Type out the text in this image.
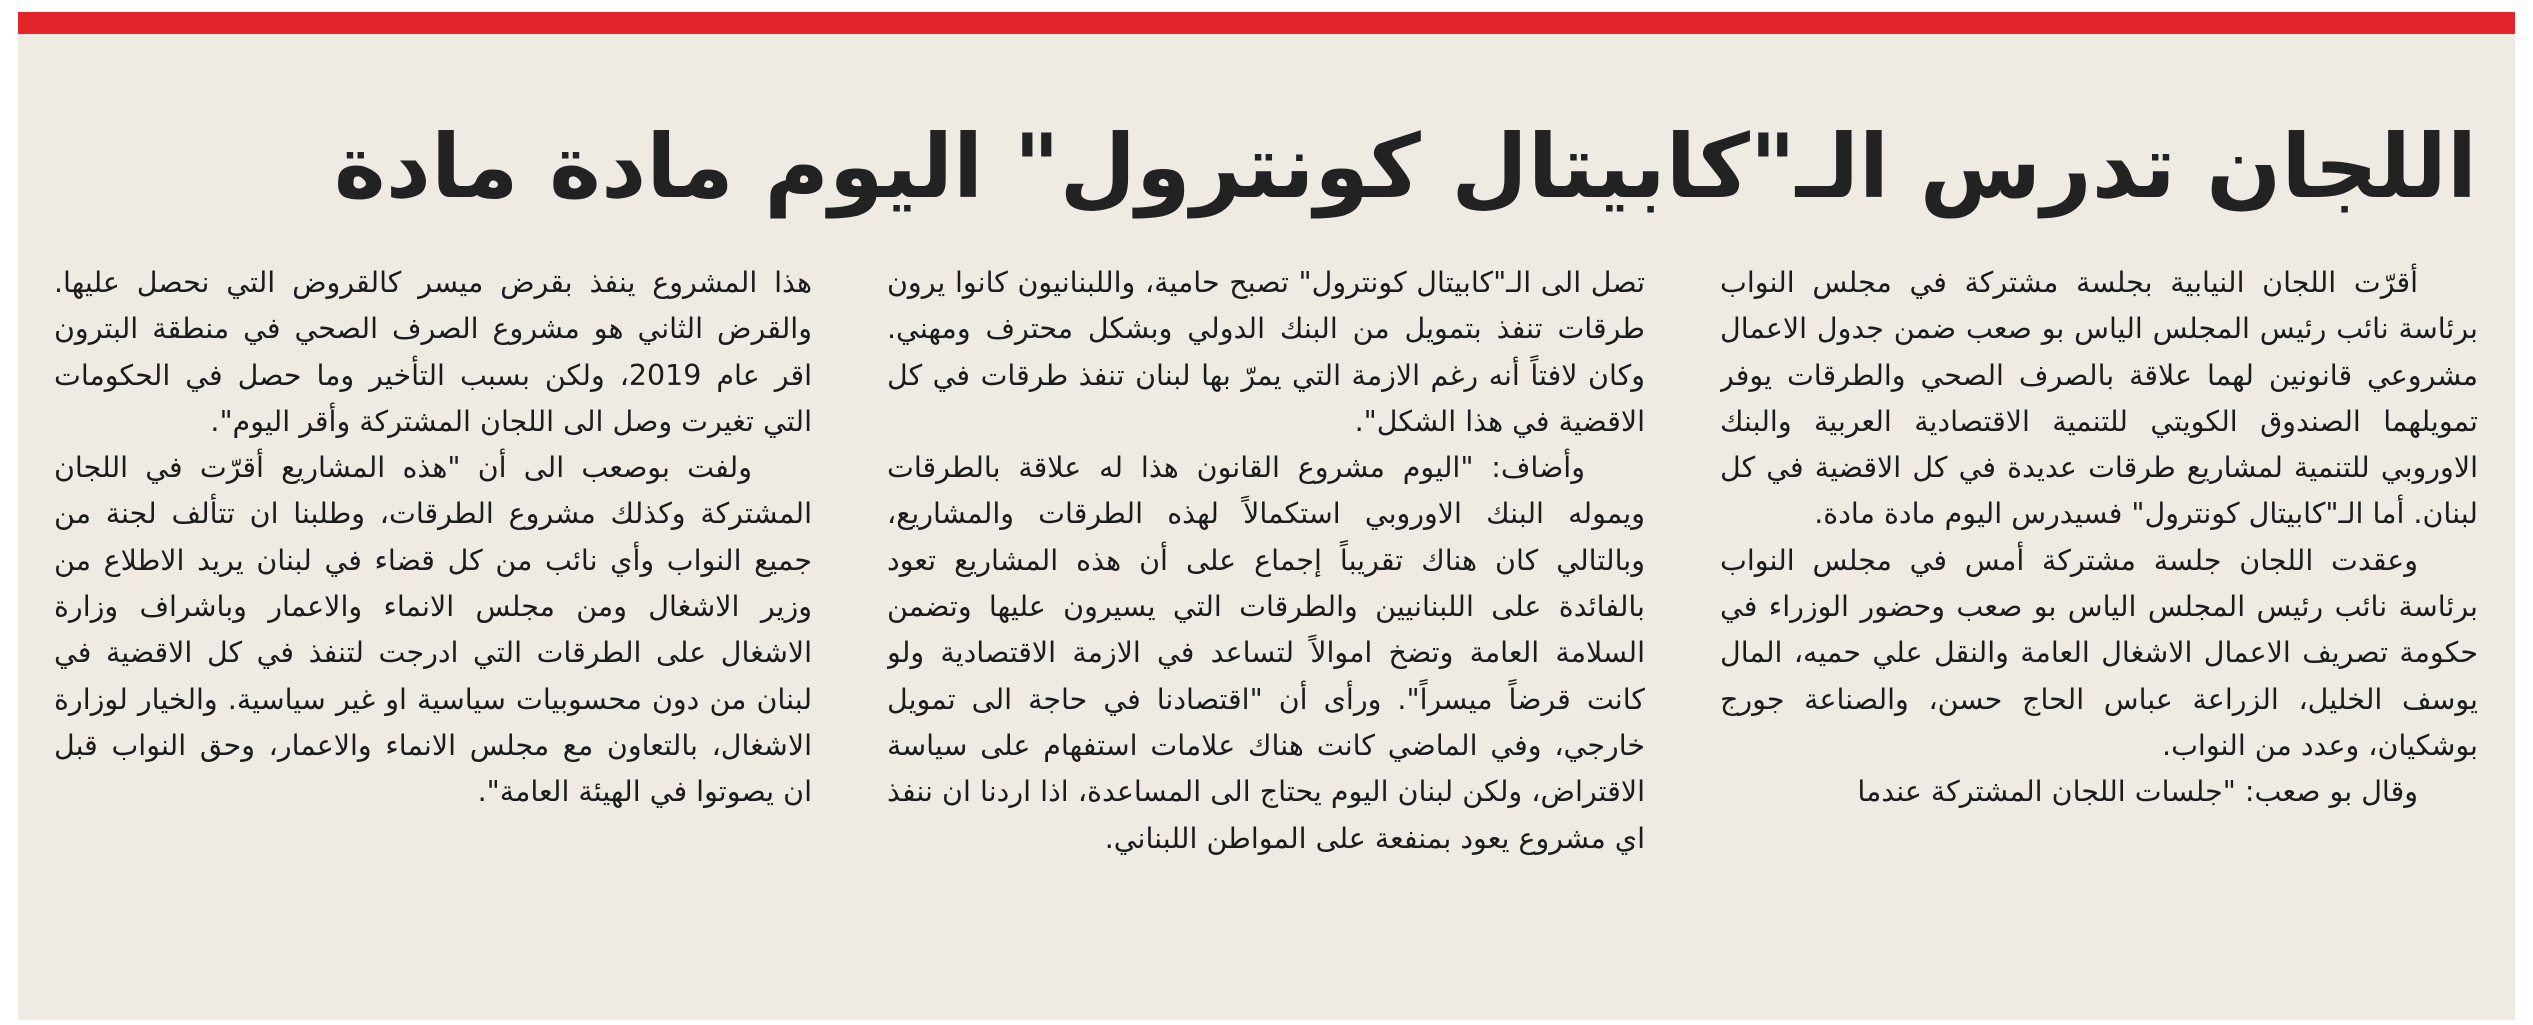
اللجان تدرس الـ"كابيتال كونترول" اليوم مادة مادة

أقرّت اللجان النيابية بجلسة مشتركة في مجلس النواب برئاسة نائب رئيس المجلس الياس بو صعب ضمن جدول الاعمال مشروعي قانونين لهما علاقة بالصرف الصحي والطرقات يوفر تمويلهما الصندوق الكويتي للتنمية الاقتصادية العربية والبنك الاوروبي للتنمية لمشاريع طرقات عديدة في كل الاقضية في كل لبنان. أما الـ"كابيتال كونترول" فسيدرس اليوم مادة مادة.

وعقدت اللجان جلسة مشتركة أمس في مجلس النواب برئاسة نائب رئيس المجلس الياس بو صعب وحضور الوزراء في حكومة تصريف الاعمال الاشغال العامة والنقل علي حميه، المال يوسف الخليل، الزراعة عباس الحاج حسن، والصناعة جورج بوشكيان، وعدد من النواب.

وقال بو صعب: "جلسات اللجان المشتركة عندما

تصل الى الـ"كابيتال كونترول" تصبح حامية، واللبنانيون كانوا يرون طرقات تنفذ بتمويل من البنك الدولي وبشكل محترف ومهني. وكان لافتاً أنه رغم الازمة التي يمرّ بها لبنان تنفذ طرقات في كل الاقضية في هذا الشكل".

وأضاف: "اليوم مشروع القانون هذا له علاقة بالطرقات ويموله البنك الاوروبي استكمالاً لهذه الطرقات والمشاريع، وبالتالي كان هناك تقريباً إجماع على أن هذه المشاريع تعود بالفائدة على اللبنانيين والطرقات التي يسيرون عليها وتضمن السلامة العامة وتضخ اموالاً لتساعد في الازمة الاقتصادية ولو كانت قرضاً ميسراً". ورأى أن "اقتصادنا في حاجة الى تمويل خارجي، وفي الماضي كانت هناك علامات استفهام على سياسة الاقتراض، ولكن لبنان اليوم يحتاج الى المساعدة، اذا اردنا ان ننفذ اي مشروع يعود بمنفعة على المواطن اللبناني.

هذا المشروع ينفذ بقرض ميسر كالقروض التي نحصل عليها. والقرض الثاني هو مشروع الصرف الصحي في منطقة البترون اقر عام 2019، ولكن بسبب التأخير وما حصل في الحكومات التي تغيرت وصل الى اللجان المشتركة وأقر اليوم".

ولفت بوصعب الى أن "هذه المشاريع أقرّت في اللجان المشتركة وكذلك مشروع الطرقات، وطلبنا ان تتألف لجنة من جميع النواب وأي نائب من كل قضاء في لبنان يريد الاطلاع من وزير الاشغال ومن مجلس الانماء والاعمار وباشراف وزارة الاشغال على الطرقات التي ادرجت لتنفذ في كل الاقضية في لبنان من دون محسوبيات سياسية او غير سياسية. والخيار لوزارة الاشغال، بالتعاون مع مجلس الانماء والاعمار، وحق النواب قبل ان يصوتوا في الهيئة العامة".
